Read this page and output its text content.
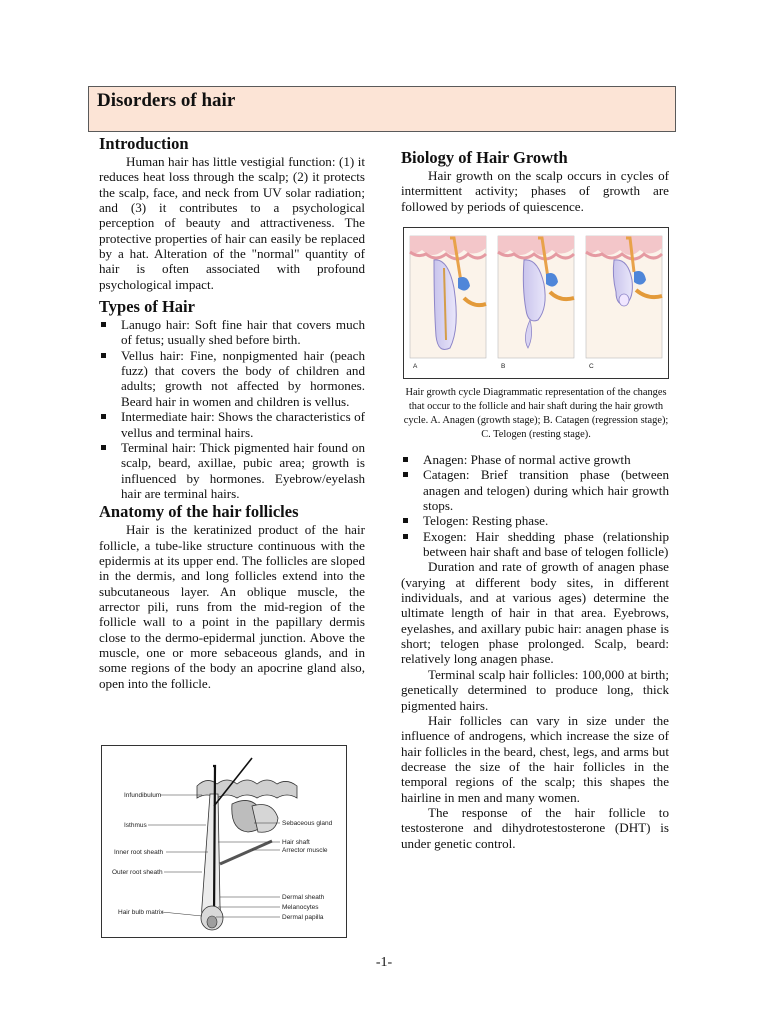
Disorders of hair
Introduction

Human hair has little vestigial function: (1) it reduces heat loss through the scalp; (2) it protects the scalp, face, and neck from UV solar radiation; and (3) it contributes to a psychological perception of beauty and attractiveness. The protective properties of hair can easily be replaced by a hat. Alteration of the "normal" quantity of hair is often associated with profound psychological impact.

Types of Hair
Lanugo hair: Soft fine hair that covers much of fetus; usually shed before birth.
Vellus hair: Fine, nonpigmented hair (peach fuzz) that covers the body of children and adults; growth not affected by hormones. Beard hair in women and children is vellus.
Intermediate hair: Shows the characteristics of vellus and terminal hairs.
Terminal hair: Thick pigmented hair found on scalp, beard, axillae, pubic area; growth is influenced by hormones. Eyebrow/eyelash hair are terminal hairs.
Anatomy of the hair follicles

Hair is the keratinized product of the hair follicle, a tube-like structure continuous with the epidermis at its upper end. The follicles are sloped in the dermis, and long follicles extend into the subcutaneous layer. An oblique muscle, the arrector pili, runs from the mid-region of the follicle wall to a point in the papillary dermis close to the dermo-epidermal junction. Above the muscle, one or more sebaceous glands, and in some regions of the body an apocrine gland also, open into the follicle.

Infundibulum
Isthmus
Inner root sheath
Outer root sheath
Hair bulb matrix
Sebaceous gland
Hair shaft
Arrector muscle
Dermal sheath
Melanocytes
Dermal papilla
Biology of Hair Growth

Hair growth on the scalp occurs in cycles of intermittent activity; phases of growth are followed by periods of quiescence.

A	B	C
Hair growth cycle Diagrammatic representation of the changes that occur to the follicle and hair shaft during the hair growth cycle. A. Anagen (growth stage); B. Catagen (regression stage); C. Telogen (resting stage).
Anagen: Phase of normal active growth
Catagen: Brief transition phase (between anagen and telogen) during which hair growth stops.
Telogen: Resting phase.
Exogen: Hair shedding phase (relationship between hair shaft and base of telogen follicle)

Duration and rate of growth of anagen phase (varying at different body sites, in different individuals, and at various ages) determine the ultimate length of hair in that area. Eyebrows, eyelashes, and axillary pubic hair: anagen phase is short; telogen phase prolonged. Scalp, beard: relatively long anagen phase.

Terminal scalp hair follicles: 100,000 at birth; genetically determined to produce long, thick pigmented hairs.

Hair follicles can vary in size under the influence of androgens, which increase the size of hair follicles in the beard, chest, legs, and arms but decrease the size of the hair follicles in the temporal regions of the scalp; this shapes the hairline in men and many women.

The response of the hair follicle to testosterone and dihydrotestosterone (DHT) is under genetic control.

-1-
